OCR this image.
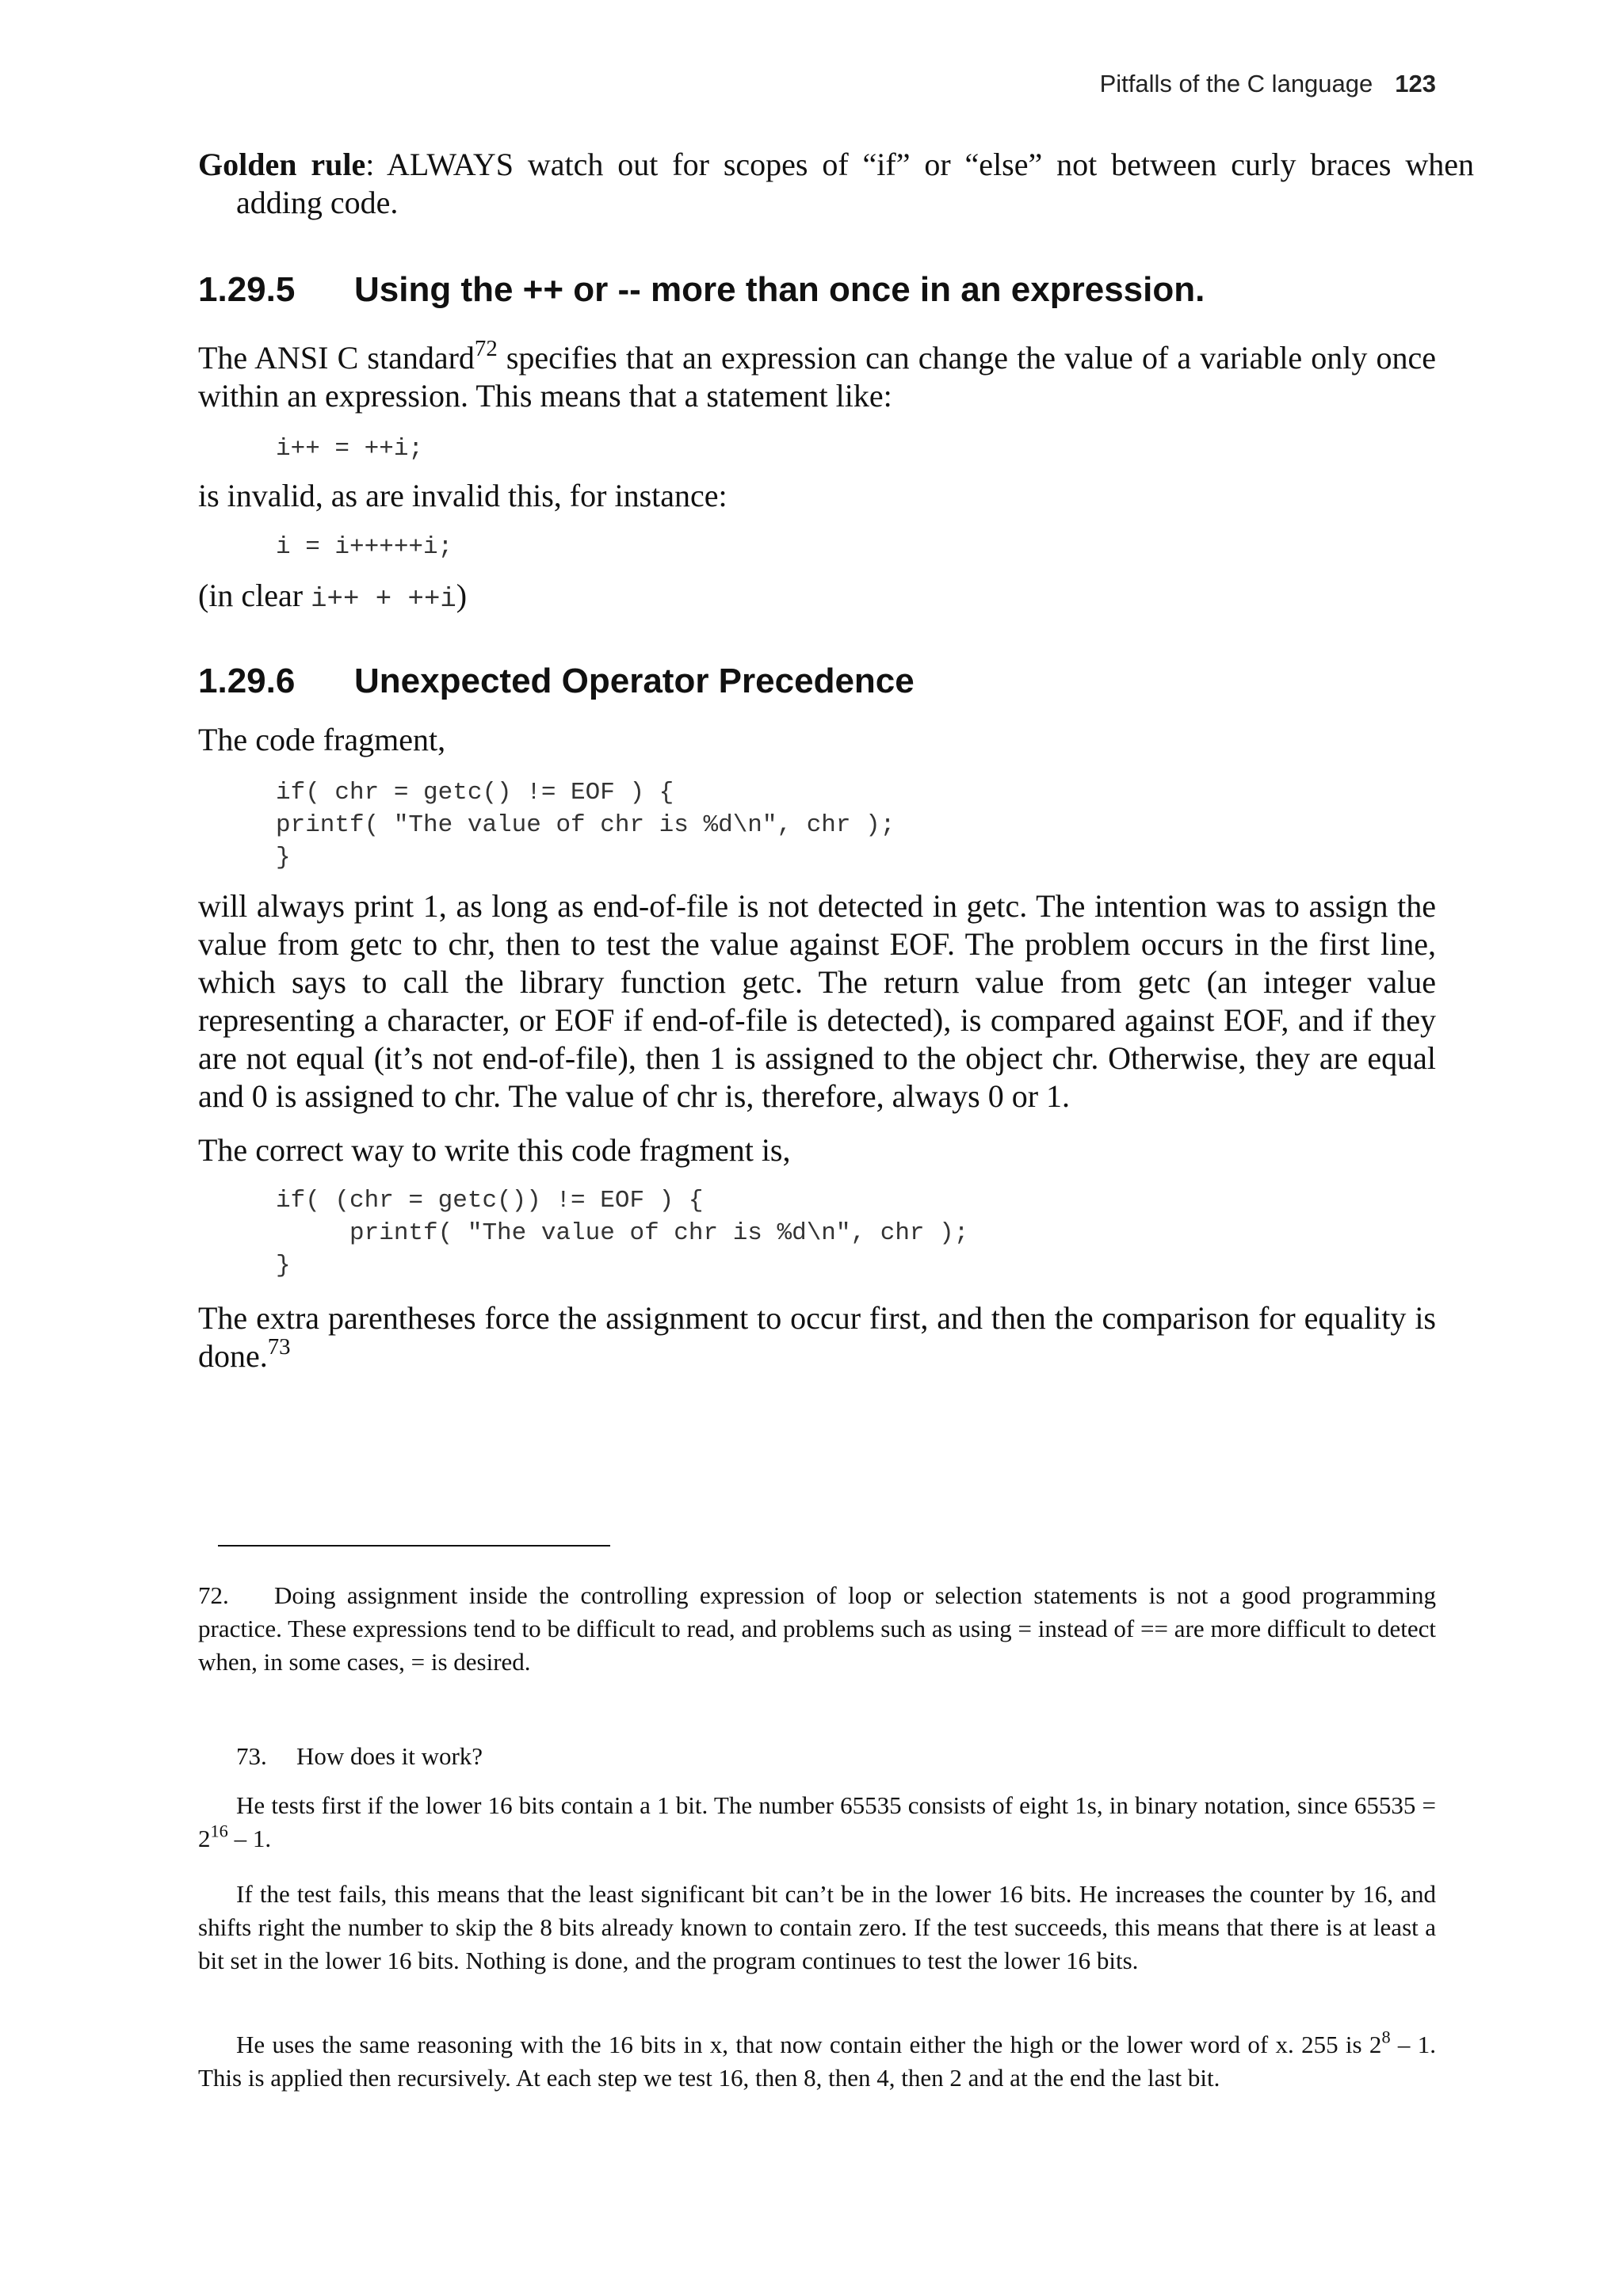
Pitfalls of the C language 123
Golden rule: ALWAYS watch out for scopes of “if” or “else” not between curly braces when adding code.
1.29.5 Using the ++ or -- more than once in an expression.
The ANSI C standard$^{72}$ specifies that an expression can change the value of a variable only once within an expression. This means that a statement like:
i++ = ++i;
is invalid, as are invalid this, for instance:
i = i+++++i;
(in clear i++ + ++i)
1.29.6 Unexpected Operator Precedence
The code fragment,
if( chr = getc() != EOF ) {
printf( "The value of chr is %d\n", chr );
}
will always print 1, as long as end-of-file is not detected in getc. The intention was to assign the value from getc to chr, then to test the value against EOF. The problem occurs in the first line, which says to call the library function getc. The return value from getc (an integer value representing a character, or EOF if end-of-file is detected), is compared against EOF, and if they are not equal (it’s not end-of-file), then 1 is assigned to the object chr. Otherwise, they are equal and 0 is assigned to chr. The value of chr is, therefore, always 0 or 1.
The correct way to write this code fragment is,
if( (chr = getc()) != EOF ) {
printf( "The value of chr is %d\n", chr );
}
The extra parentheses force the assignment to occur first, and then the comparison for equality is done.$^{73}$
72. Doing assignment inside the controlling expression of loop or selection statements is not a good programming practice. These expressions tend to be difficult to read, and problems such as using = instead of == are more difficult to detect when, in some cases, = is desired.
73. How does it work?
He tests first if the lower 16 bits contain a 1 bit. The number 65535 consists of eight 1s, in binary notation, since $65535 = 2^{16} - 1$.
If the test fails, this means that the least significant bit can’t be in the lower 16 bits. He increases the counter by 16, and shifts right the number to skip the 8 bits already known to contain zero. If the test succeeds, this means that there is at least a bit set in the lower 16 bits. Nothing is done, and the program continues to test the lower 16 bits.
He uses the same reasoning with the 16 bits in x, that now contain either the high or the lower word of x. 255 is $2^8 - 1$. This is applied then recursively. At each step we test 16, then 8, then 4, then 2 and at the end the last bit.
